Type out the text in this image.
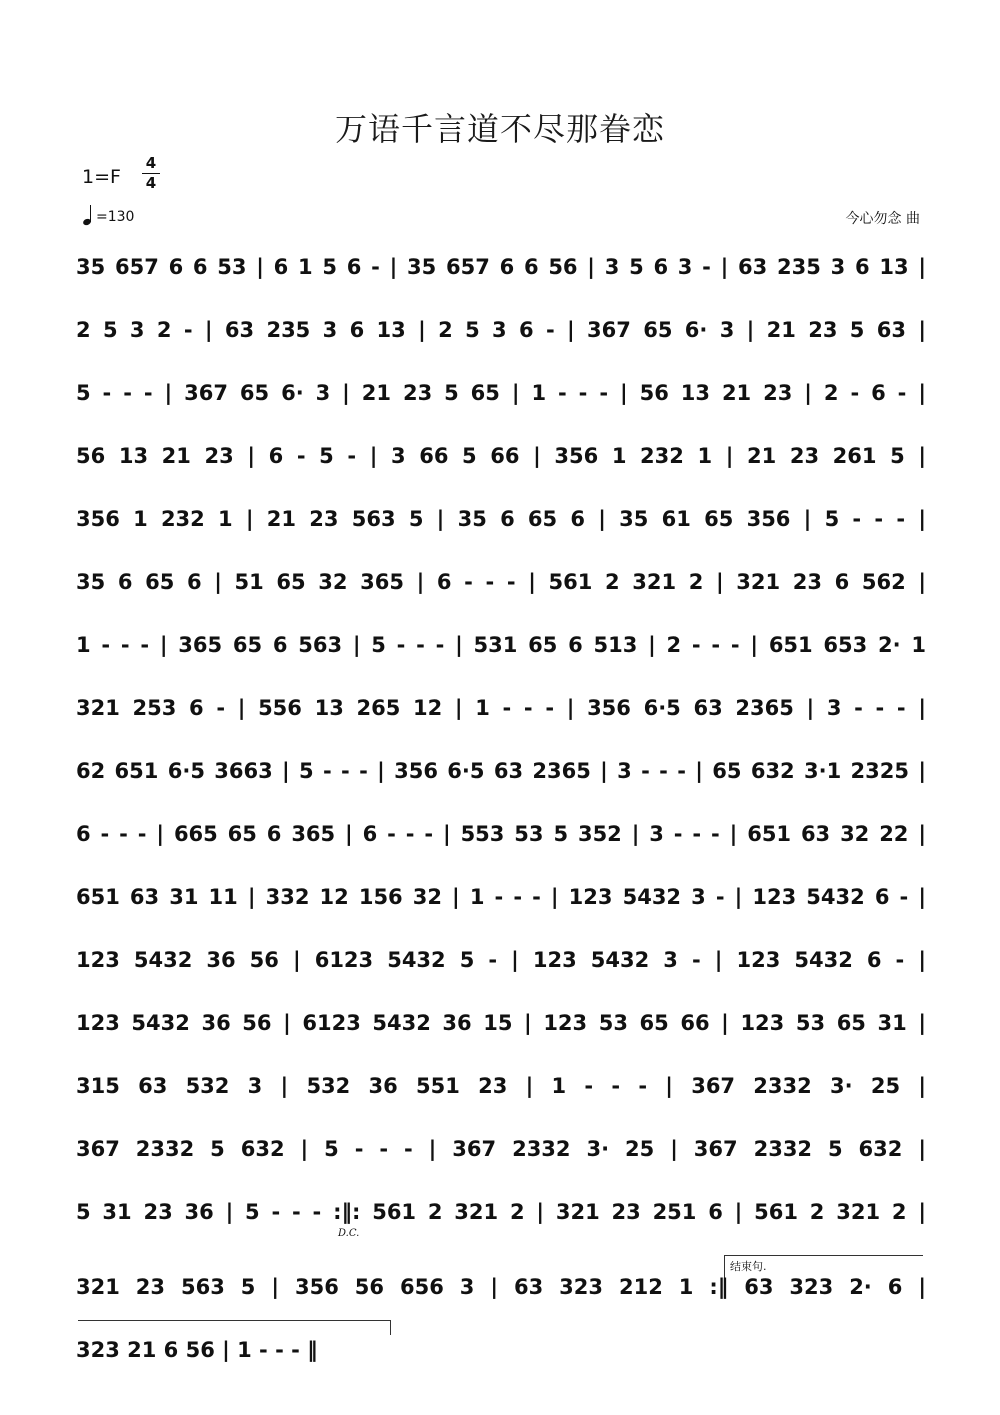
万语千言道不尽那眷恋
1=F
4
4
=130	今心勿念 曲
35 657 6 6 53 | 6 1 5 6 - | 35 657 6 6 56 | 3 5 6 3 - | 63 235 3 6 13 |
2 5 3 2 - | 63 235 3 6 13 | 2 5 3 6 - | 367 65 6· 3 | 21 23 5 63 |
5 - - - | 367 65 6· 3 | 21 23 5 65 | 1 - - - | 56 13 21 23 | 2 - 6 - |
56 13 21 23 | 6 - 5 - | 3 66 5 66 | 356 1 232 1 | 21 23 261 5 |
356 1 232 1 | 21 23 563 5 | 35 6 65 6 | 35 61 65 356 | 5 - - - |
35 6 65 6 | 51 65 32 365 | 6 - - - | 561 2 321 2 | 321 23 6 562 |
1 - - - | 365 65 6 563 | 5 - - - | 531 65 6 513 | 2 - - - | 651 653 2· 1
321 253 6 - | 556 13 265 12 | 1 - - - | 356 6·5 63 2365 | 3 - - - |
62 651 6·5 3663 | 5 - - - | 356 6·5 63 2365 | 3 - - - | 65 632 3·1 2325 |
6 - - - | 665 65 6 365 | 6 - - - | 553 53 5 352 | 3 - - - | 651 63 32 22 |
651 63 31 11 | 332 12 156 32 | 1 - - - | 123 5432 3 - | 123 5432 6 - |
123 5432 36 56 | 6123 5432 5 - | 123 5432 3 - | 123 5432 6 - |
123 5432 36 56 | 6123 5432 36 15 | 123 53 65 66 | 123 53 65 31 |
315 63 532 3 | 532 36 551 23 | 1 - - - | 367 2332 3· 25 |
367 2332 5 632 | 5 - - - | 367 2332 3· 25 | 367 2332 5 632 |
5 31 23 36 | 5 - - - :‖: 561 2 321 2 | 321 23 251 6 | 561 2 321 2 |
D.C.
结束句.
321 23 563 5 | 356 56 656 3 | 63 323 212 1 :‖ 63 323 2· 6 |
323 21 6 56 | 1 - - - ‖
